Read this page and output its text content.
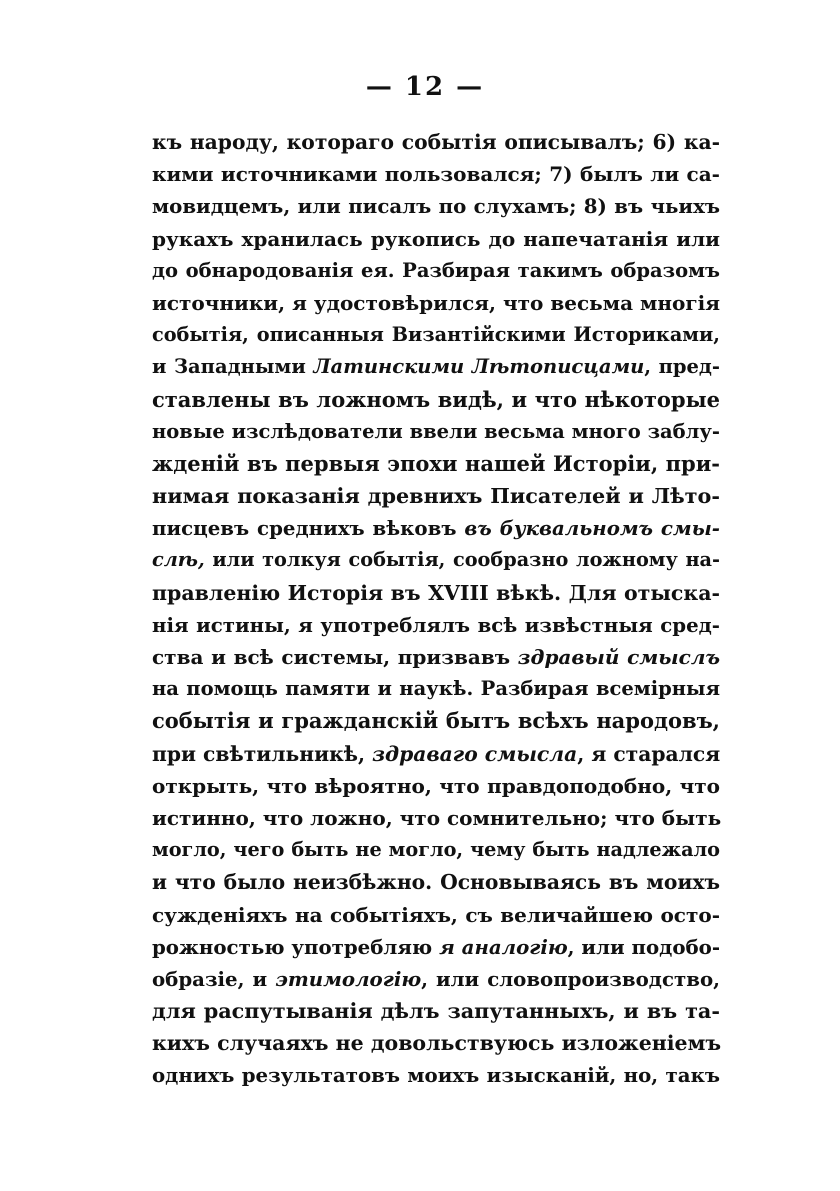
— 12 —
къ народу, котораго событія описывалъ; 6) ка-
кими источниками пользовался; 7) былъ ли са-
мовидцемъ, или писалъ по слухамъ; 8) въ чьихъ
рукахъ хранилась рукопись до напечатанія или
до обнародованія ея. Разбирая такимъ образомъ
источники, я удостовѣрился, что весьма многія
событія, описанныя Византійскими Историками,
и Западными Латинскими Лѣтописцами, пред-
ставлены въ ложномъ видѣ, и что нѣкоторые
новые изслѣдователи ввели весьма много заблу-
жденій въ первыя эпохи нашей Исторіи, при-
нимая показанія древнихъ Писателей и Лѣто-
писцевъ среднихъ вѣковъ въ буквальномъ смы-
слѣ, или толкуя событія, сообразно ложному на-
правленію Исторія въ XVIII вѣкѣ. Для отыска-
нія истины, я употреблялъ всѣ извѣстныя сред-
ства и всѣ системы, призвавъ здравый смыслъ
на помощь памяти и наукѣ. Разбирая всемірныя
событія и гражданскій бытъ всѣхъ народовъ,
при свѣтильникѣ, здраваго смысла, я старался
открыть, что вѣроятно, что правдоподобно, что
истинно, что ложно, что сомнительно; что быть
могло, чего быть не могло, чему быть надлежало
и что было неизбѣжно. Основываясь въ моихъ
сужденіяхъ на событіяхъ, съ величайшею осто-
рожностью употребляю я аналогію, или подобо-
образіе, и этимологію, или словопроизводство,
для распутыванія дѣлъ запутанныхъ, и въ та-
кихъ случаяхъ не довольствуюсь изложеніемъ
однихъ результатовъ моихъ изысканій, но, такъ
